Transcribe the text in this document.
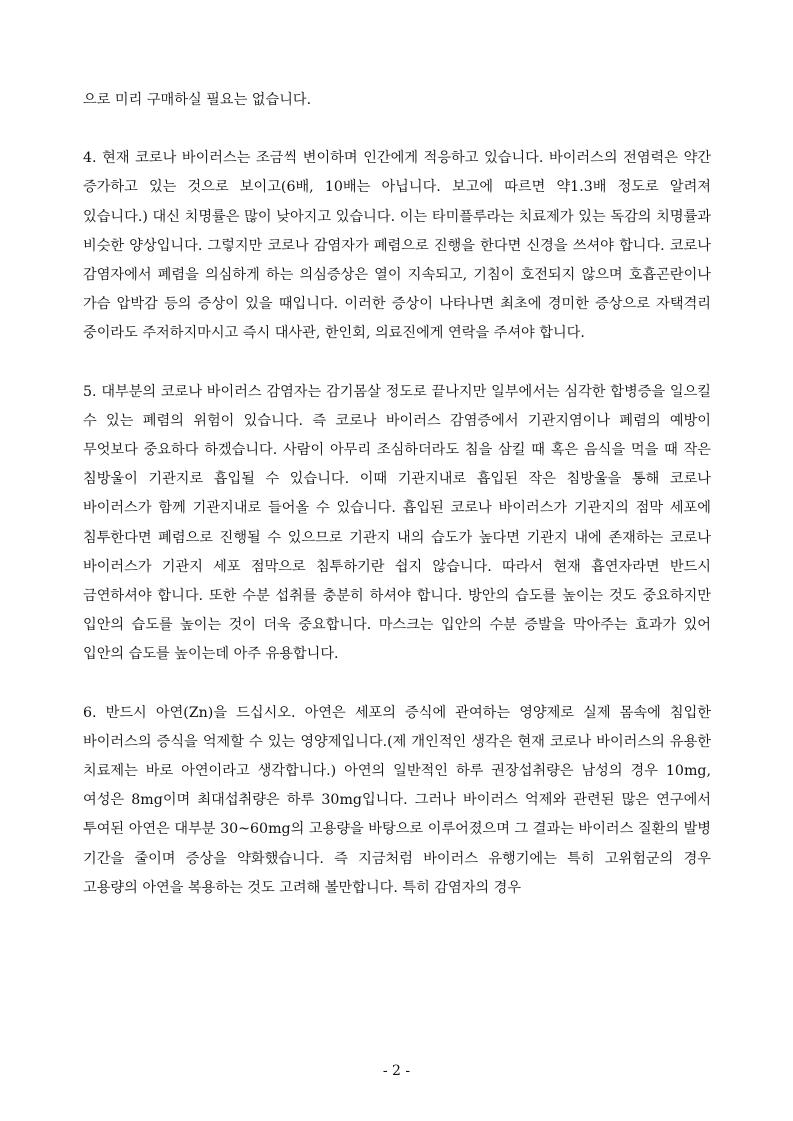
으로 미리 구매하실 필요는 없습니다.

4. 현재 코로나 바이러스는 조금씩 변이하며 인간에게 적응하고 있습니다. 바이러스의 전염력은 약간 증가하고 있는 것으로 보이고(6배, 10배는 아닙니다. 보고에 따르면 약1.3배 정도로 알려져 있습니다.) 대신 치명률은 많이 낮아지고 있습니다. 이는 타미플루라는 치료제가 있는 독감의 치명률과 비슷한 양상입니다. 그렇지만 코로나 감염자가 폐렴으로 진행을 한다면 신경을 쓰셔야 합니다. 코로나 감염자에서 폐렴을 의심하게 하는 의심증상은 열이 지속되고, 기침이 호전되지 않으며 호흡곤란이나 가슴 압박감 등의 증상이 있을 때입니다. 이러한 증상이 나타나면 최초에 경미한 증상으로 자택격리 중이라도 주저하지마시고 즉시 대사관, 한인회, 의료진에게 연락을 주셔야 합니다.

5. 대부분의 코로나 바이러스 감염자는 감기몸살 정도로 끝나지만 일부에서는 심각한 합병증을 일으킬 수 있는 폐렴의 위험이 있습니다. 즉 코로나 바이러스 감염증에서 기관지염이나 폐렴의 예방이 무엇보다 중요하다 하겠습니다. 사람이 아무리 조심하더라도 침을 삼킬 때 혹은 음식을 먹을 때 작은 침방울이 기관지로 흡입될 수 있습니다. 이때 기관지내로 흡입된 작은 침방울을 통해 코로나 바이러스가 함께 기관지내로 들어올 수 있습니다. 흡입된 코로나 바이러스가 기관지의 점막 세포에 침투한다면 폐렴으로 진행될 수 있으므로 기관지 내의 습도가 높다면 기관지 내에 존재하는 코로나 바이러스가 기관지 세포 점막으로 침투하기란 쉽지 않습니다. 따라서 현재 흡연자라면 반드시 금연하셔야 합니다. 또한 수분 섭취를 충분히 하셔야 합니다. 방안의 습도를 높이는 것도 중요하지만 입안의 습도를 높이는 것이 더욱 중요합니다. 마스크는 입안의 수분 증발을 막아주는 효과가 있어 입안의 습도를 높이는데 아주 유용합니다.

6. 반드시 아연(Zn)을 드십시오. 아연은 세포의 증식에 관여하는 영양제로 실제 몸속에 침입한 바이러스의 증식을 억제할 수 있는 영양제입니다.(제 개인적인 생각은 현재 코로나 바이러스의 유용한 치료제는 바로 아연이라고 생각합니다.) 아연의 일반적인 하루 권장섭취량은 남성의 경우 10mg, 여성은 8mg이며 최대섭취량은 하루 30mg입니다. 그러나 바이러스 억제와 관련된 많은 연구에서 투여된 아연은 대부분 30~60mg의 고용량을 바탕으로 이루어졌으며 그 결과는 바이러스 질환의 발병 기간을 줄이며 증상을 약화했습니다. 즉 지금처럼 바이러스 유행기에는 특히 고위험군의 경우 고용량의 아연을 복용하는 것도 고려해 볼만합니다. 특히 감염자의 경우

- 2 -
